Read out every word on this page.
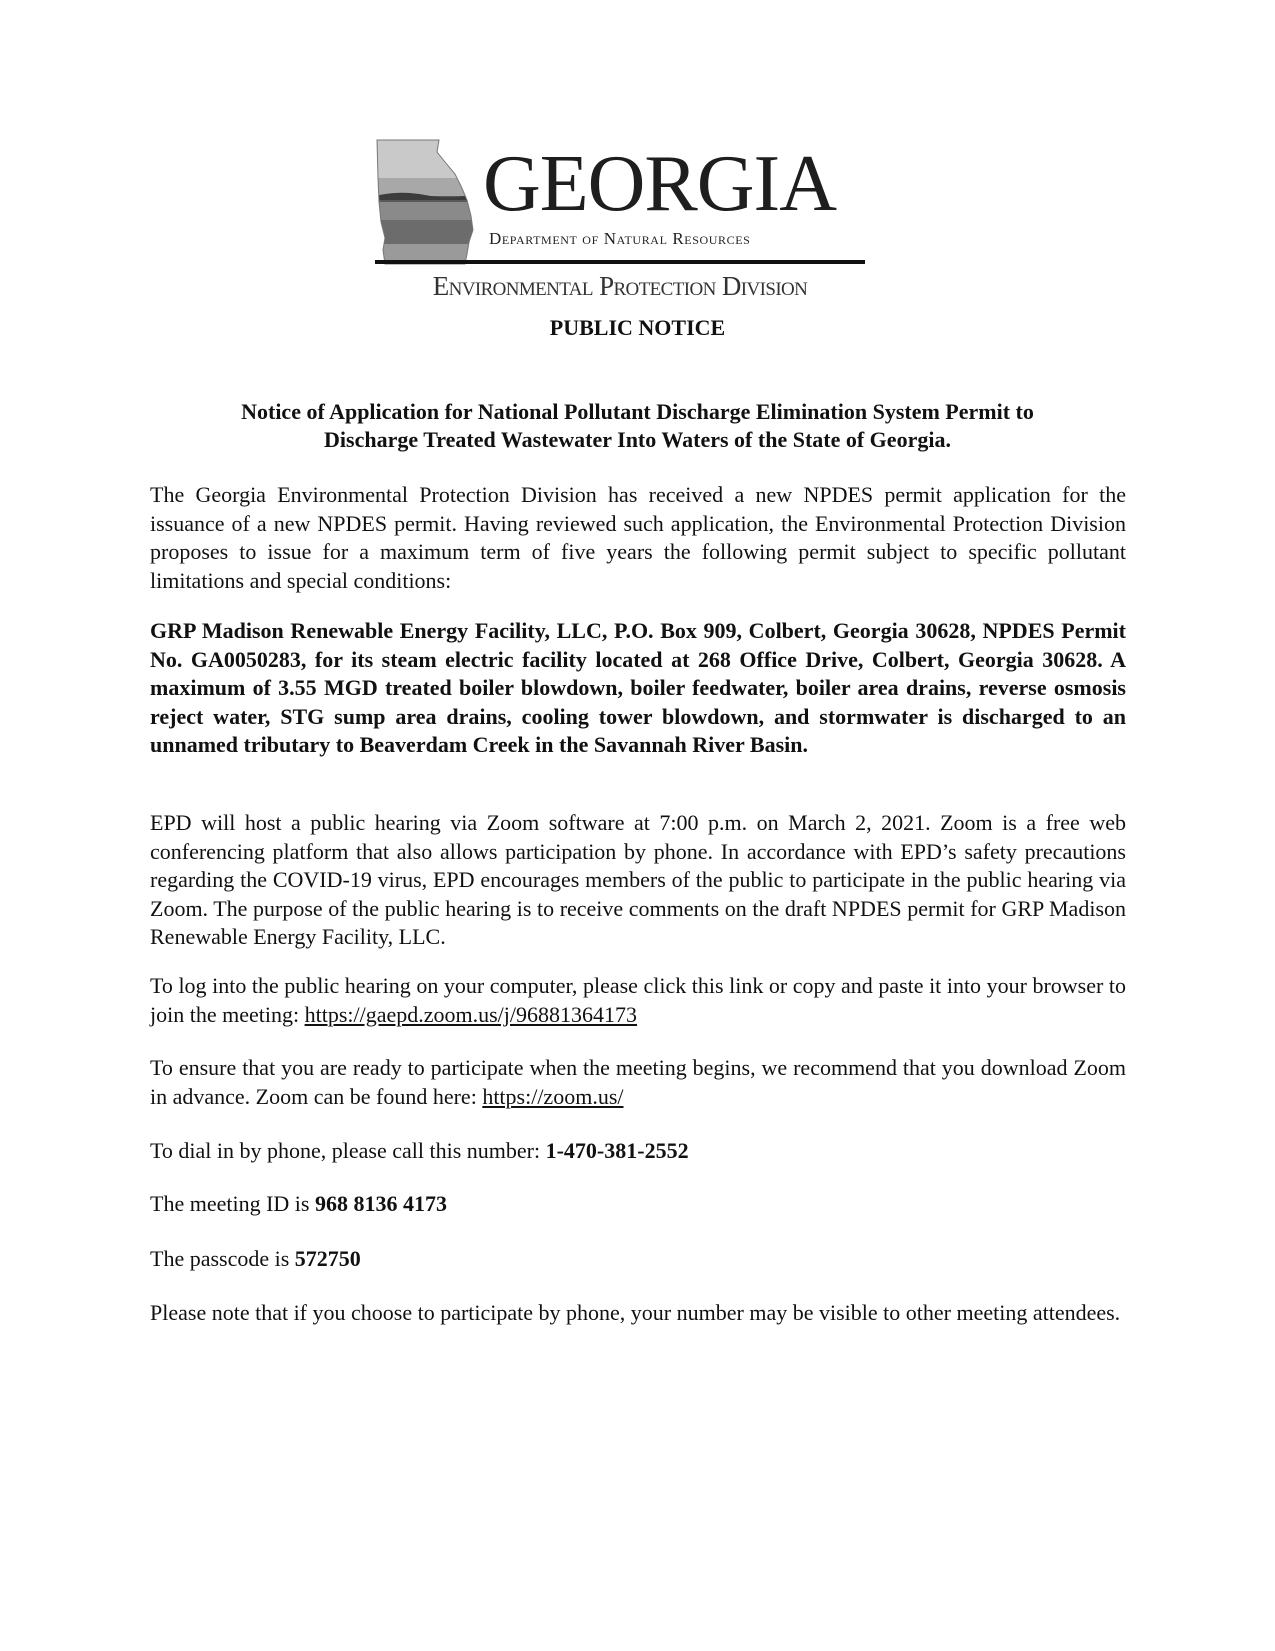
GEORGIA
Department of Natural Resources
Environmental Protection Division
PUBLIC NOTICE
Notice of Application for National Pollutant Discharge Elimination System Permit to
Discharge Treated Wastewater Into Waters of the State of Georgia.
The Georgia Environmental Protection Division has received a new NPDES permit application for the issuance of a new NPDES permit. Having reviewed such application, the Environmental Protection Division proposes to issue for a maximum term of five years the following permit subject to specific pollutant limitations and special conditions:
GRP Madison Renewable Energy Facility, LLC, P.O. Box 909, Colbert, Georgia 30628, NPDES Permit No. GA0050283, for its steam electric facility located at 268 Office Drive, Colbert, Georgia 30628. A maximum of 3.55 MGD treated boiler blowdown, boiler feedwater, boiler area drains, reverse osmosis reject water, STG sump area drains, cooling tower blowdown, and stormwater is discharged to an unnamed tributary to Beaverdam Creek in the Savannah River Basin.
EPD will host a public hearing via Zoom software at 7:00 p.m. on March 2, 2021. Zoom is a free web conferencing platform that also allows participation by phone. In accordance with EPD’s safety precautions regarding the COVID-19 virus, EPD encourages members of the public to participate in the public hearing via Zoom. The purpose of the public hearing is to receive comments on the draft NPDES permit for GRP Madison Renewable Energy Facility, LLC.
To log into the public hearing on your computer, please click this link or copy and paste it into your browser to join the meeting: https://gaepd.zoom.us/j/96881364173
To ensure that you are ready to participate when the meeting begins, we recommend that you download Zoom in advance. Zoom can be found here: https://zoom.us/
To dial in by phone, please call this number: 1-470-381-2552
The meeting ID is 968 8136 4173
The passcode is 572750
Please note that if you choose to participate by phone, your number may be visible to other meeting attendees.
